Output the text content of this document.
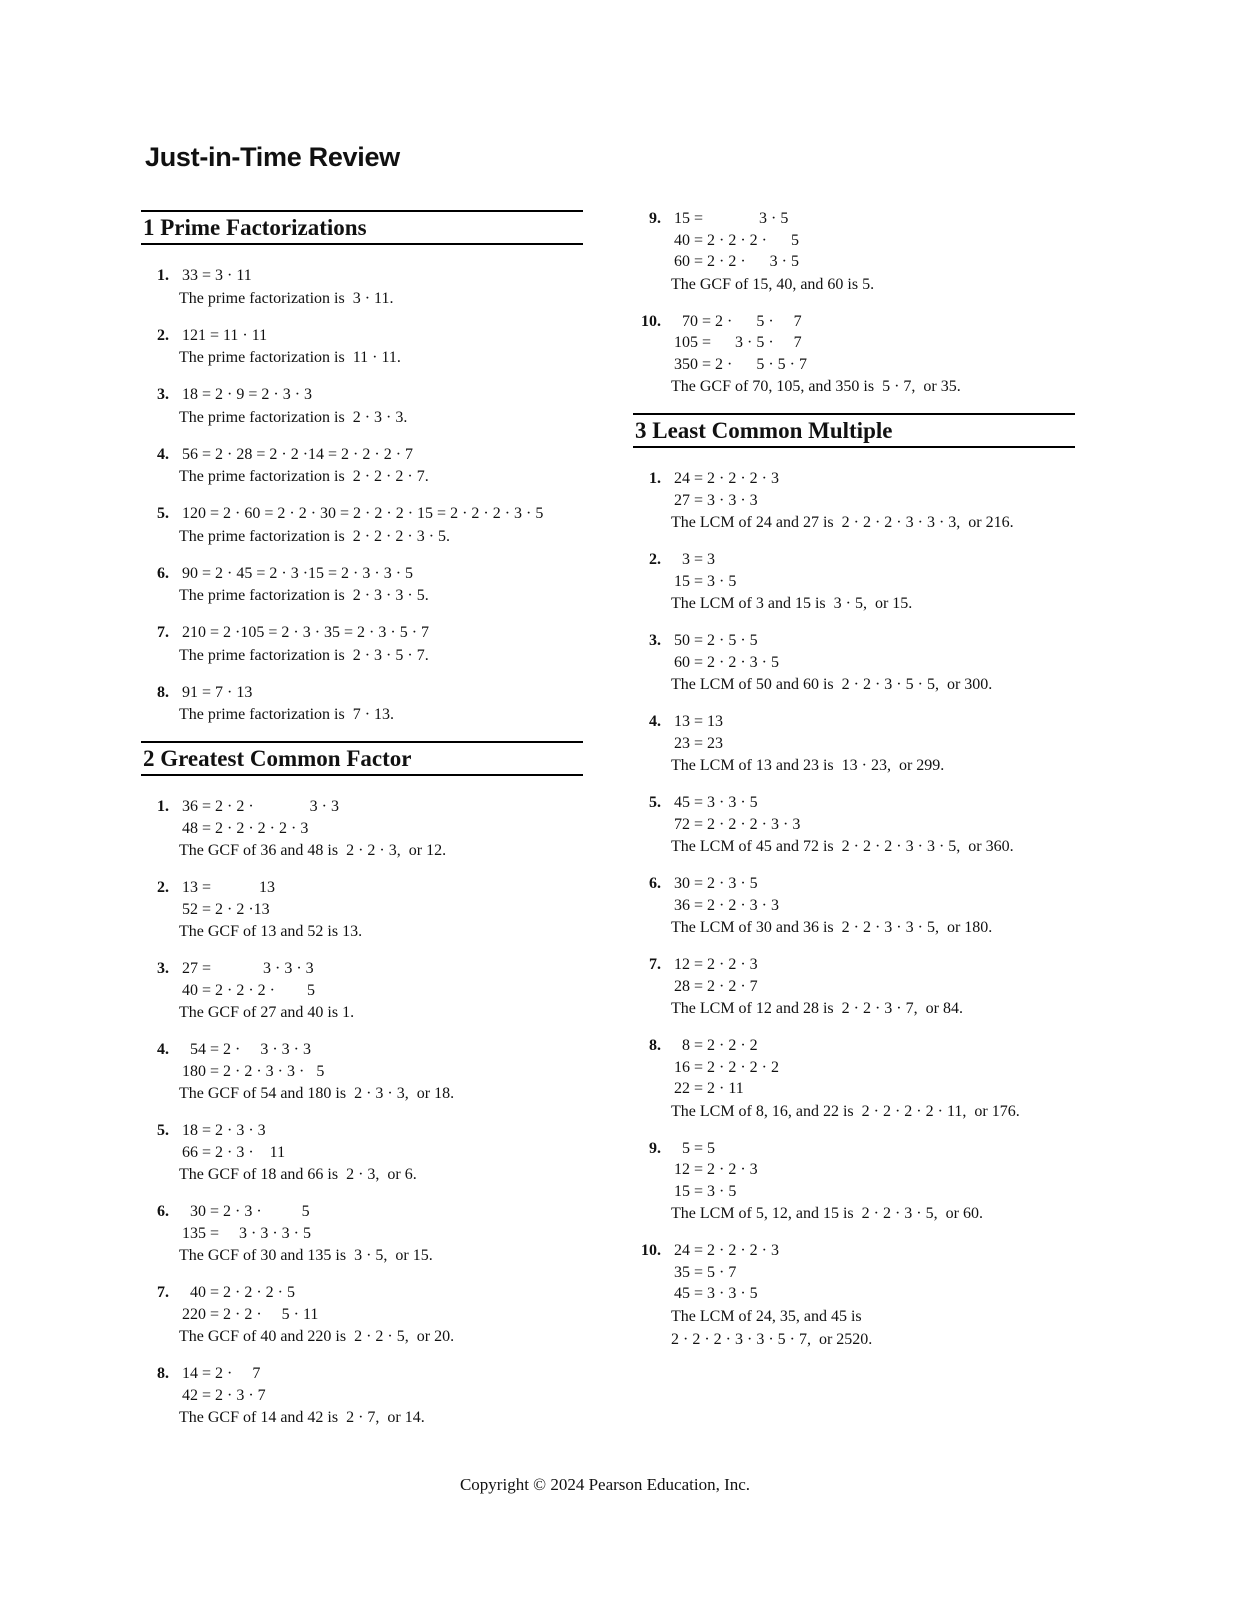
Just-in-Time Review
1 Prime Factorizations
1. 33 = 3 · 11
The prime factorization is  3 · 11.
2. 121 = 11 · 11
The prime factorization is  11 · 11.
3. 18 = 2 · 9 = 2 · 3 · 3
The prime factorization is  2 · 3 · 3.
4. 56 = 2 · 28 = 2 · 2 ·14 = 2 · 2 · 2 · 7
The prime factorization is  2 · 2 · 2 · 7.
5. 120 = 2 · 60 = 2 · 2 · 30 = 2 · 2 · 2 · 15 = 2 · 2 · 2 · 3 · 5
The prime factorization is  2 · 2 · 2 · 3 · 5.
6. 90 = 2 · 45 = 2 · 3 ·15 = 2 · 3 · 3 · 5
The prime factorization is  2 · 3 · 3 · 5.
7. 210 = 2 ·105 = 2 · 3 · 35 = 2 · 3 · 5 · 7
The prime factorization is  2 · 3 · 5 · 7.
8. 91 = 7 · 13
The prime factorization is  7 · 13.
2 Greatest Common Factor
1. 36 = 2 · 2 ·              3 · 3
48 = 2 · 2 · 2 · 2 · 3
The GCF of 36 and 48 is  2 · 2 · 3,  or 12.
2. 13 =            13
52 = 2 · 2 ·13
The GCF of 13 and 52 is 13.
3. 27 =             3 · 3 · 3
40 = 2 · 2 · 2 ·        5
The GCF of 27 and 40 is 1.
4. 54 = 2 ·     3 · 3 · 3
180 = 2 · 2 · 3 · 3 ·   5
The GCF of 54 and 180 is  2 · 3 · 3,  or 18.
5. 18 = 2 · 3 · 3
66 = 2 · 3 ·    11
The GCF of 18 and 66 is  2 · 3,  or 6.
6. 30 = 2 · 3 ·          5
135 =     3 · 3 · 3 · 5
The GCF of 30 and 135 is  3 · 5,  or 15.
7. 40 = 2 · 2 · 2 · 5
220 = 2 · 2 ·     5 · 11
The GCF of 40 and 220 is  2 · 2 · 5,  or 20.
8. 14 = 2 ·     7
42 = 2 · 3 · 7
The GCF of 14 and 42 is  2 · 7,  or 14.
9. 15 =              3 · 5
40 = 2 · 2 · 2 ·      5
60 = 2 · 2 ·      3 · 5
The GCF of 15, 40, and 60 is 5.
10. 70 = 2 ·      5 ·     7
105 =      3 · 5 ·     7
350 = 2 ·      5 · 5 · 7
The GCF of 70, 105, and 350 is  5 · 7,  or 35.
3 Least Common Multiple
1. 24 = 2 · 2 · 2 · 3
27 = 3 · 3 · 3
The LCM of 24 and 27 is  2 · 2 · 2 · 3 · 3 · 3,  or 216.
2. 3 = 3
15 = 3 · 5
The LCM of 3 and 15 is  3 · 5,  or 15.
3. 50 = 2 · 5 · 5
60 = 2 · 2 · 3 · 5
The LCM of 50 and 60 is  2 · 2 · 3 · 5 · 5,  or 300.
4. 13 = 13
23 = 23
The LCM of 13 and 23 is  13 · 23,  or 299.
5. 45 = 3 · 3 · 5
72 = 2 · 2 · 2 · 3 · 3
The LCM of 45 and 72 is  2 · 2 · 2 · 3 · 3 · 5,  or 360.
6. 30 = 2 · 3 · 5
36 = 2 · 2 · 3 · 3
The LCM of 30 and 36 is  2 · 2 · 3 · 3 · 5,  or 180.
7. 12 = 2 · 2 · 3
28 = 2 · 2 · 7
The LCM of 12 and 28 is  2 · 2 · 3 · 7,  or 84.
8. 8 = 2 · 2 · 2
16 = 2 · 2 · 2 · 2
22 = 2 · 11
The LCM of 8, 16, and 22 is  2 · 2 · 2 · 2 · 11,  or 176.
9. 5 = 5
12 = 2 · 2 · 3
15 = 3 · 5
The LCM of 5, 12, and 15 is  2 · 2 · 3 · 5,  or 60.
10. 24 = 2 · 2 · 2 · 3
35 = 5 · 7
45 = 3 · 3 · 5
The LCM of 24, 35, and 45 is
2 · 2 · 2 · 3 · 3 · 5 · 7,  or 2520.
Copyright © 2024 Pearson Education, Inc.
